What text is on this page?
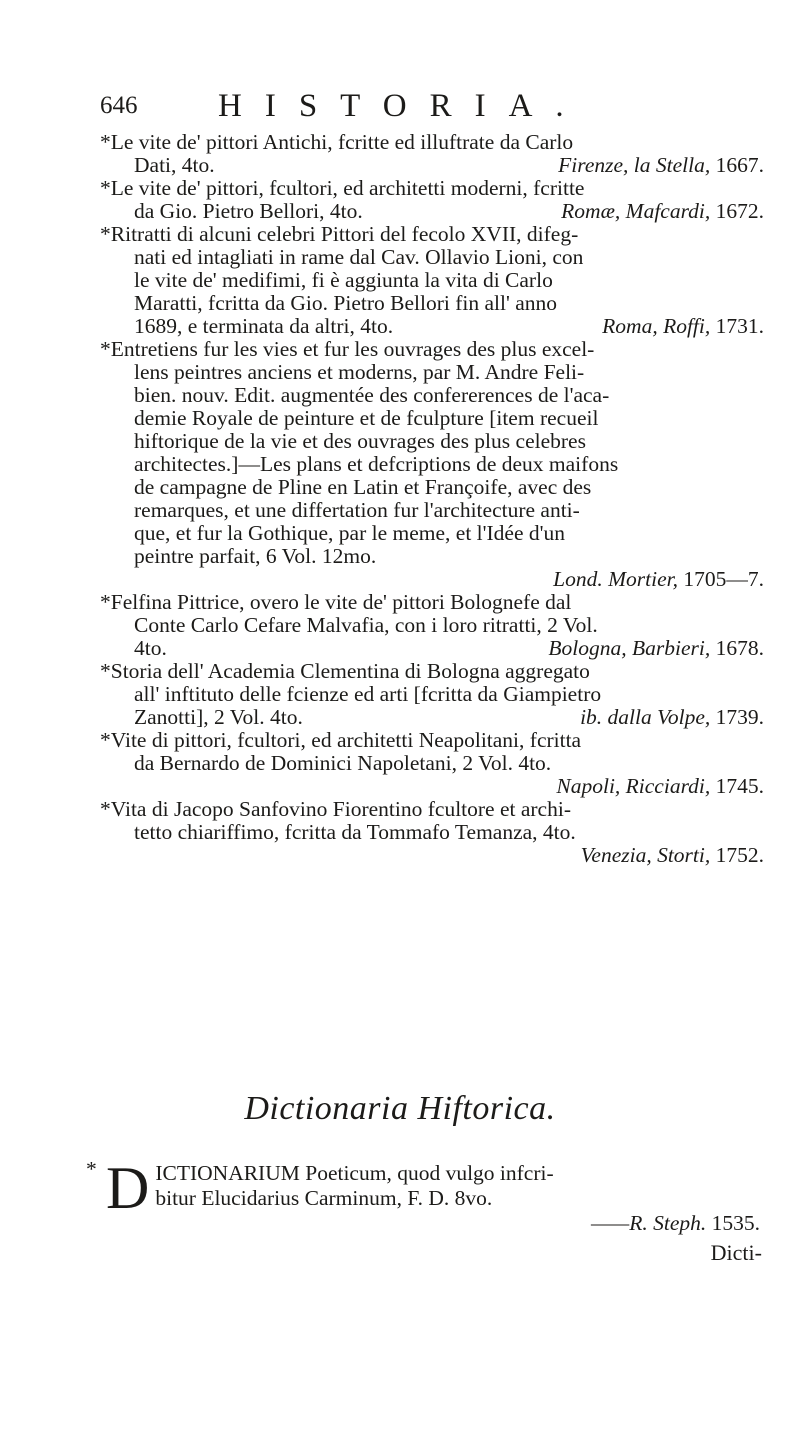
646 HISTORIA.
*Le vite de' pittori Antichi, fcritte ed illuftrate da Carlo
Dati, 4to.	Firenze, la Stella, 1667.
*Le vite de' pittori, fcultori, ed architetti moderni, fcritte
da Gio. Pietro Bellori, 4to.	Romæ, Mafcardi, 1672.
*Ritratti di alcuni celebri Pittori del fecolo XVII, difeg-
nati ed intagliati in rame dal Cav. Ollavio Lioni, con
le vite de' medifimi, fi è aggiunta la vita di Carlo
Maratti, fcritta da Gio. Pietro Bellori fin all' anno
1689, e terminata da altri, 4to.	Roma, Roffi, 1731.
*Entretiens fur les vies et fur les ouvrages des plus excel-
lens peintres anciens et moderns, par M. Andre Feli-
bien. nouv. Edit. augmentée des confererences de l'aca-
demie Royale de peinture et de fculpture [item recueil
hiftorique de la vie et des ouvrages des plus celebres
architectes.]—Les plans et defcriptions de deux maifons
de campagne de Pline en Latin et Françoife, avec des
remarques, et une differtation fur l'architecture anti-
que, et fur la Gothique, par le meme, et l'Idée d'un
peintre parfait, 6 Vol. 12mo.
Lond. Mortier, 1705—7.
*Felfina Pittrice, overo le vite de' pittori Bolognefe dal
Conte Carlo Cefare Malvafia, con i loro ritratti, 2 Vol.
4to.	Bologna, Barbieri, 1678.
*Storia dell' Academia Clementina di Bologna aggregato
all' inftituto delle fcienze ed arti [fcritta da Giampietro
Zanotti], 2 Vol. 4to.	ib. dalla Volpe, 1739.
*Vite di pittori, fcultori, ed architetti Neapolitani, fcritta
da Bernardo de Dominici Napoletani, 2 Vol. 4to.
Napoli, Ricciardi, 1745.
*Vita di Jacopo Sanfovino Fiorentino fcultore et archi-
tetto chiariffimo, fcritta da Tommafo Temanza, 4to.
Venezia, Storti, 1752.
Dictionaria Hiftorica.
* D ICTIONARIUM Poeticum, quod vulgo infcri-
bitur Elucidarius Carminum, F. D. 8vo.
——R. Steph. 1535.
Dicti-
